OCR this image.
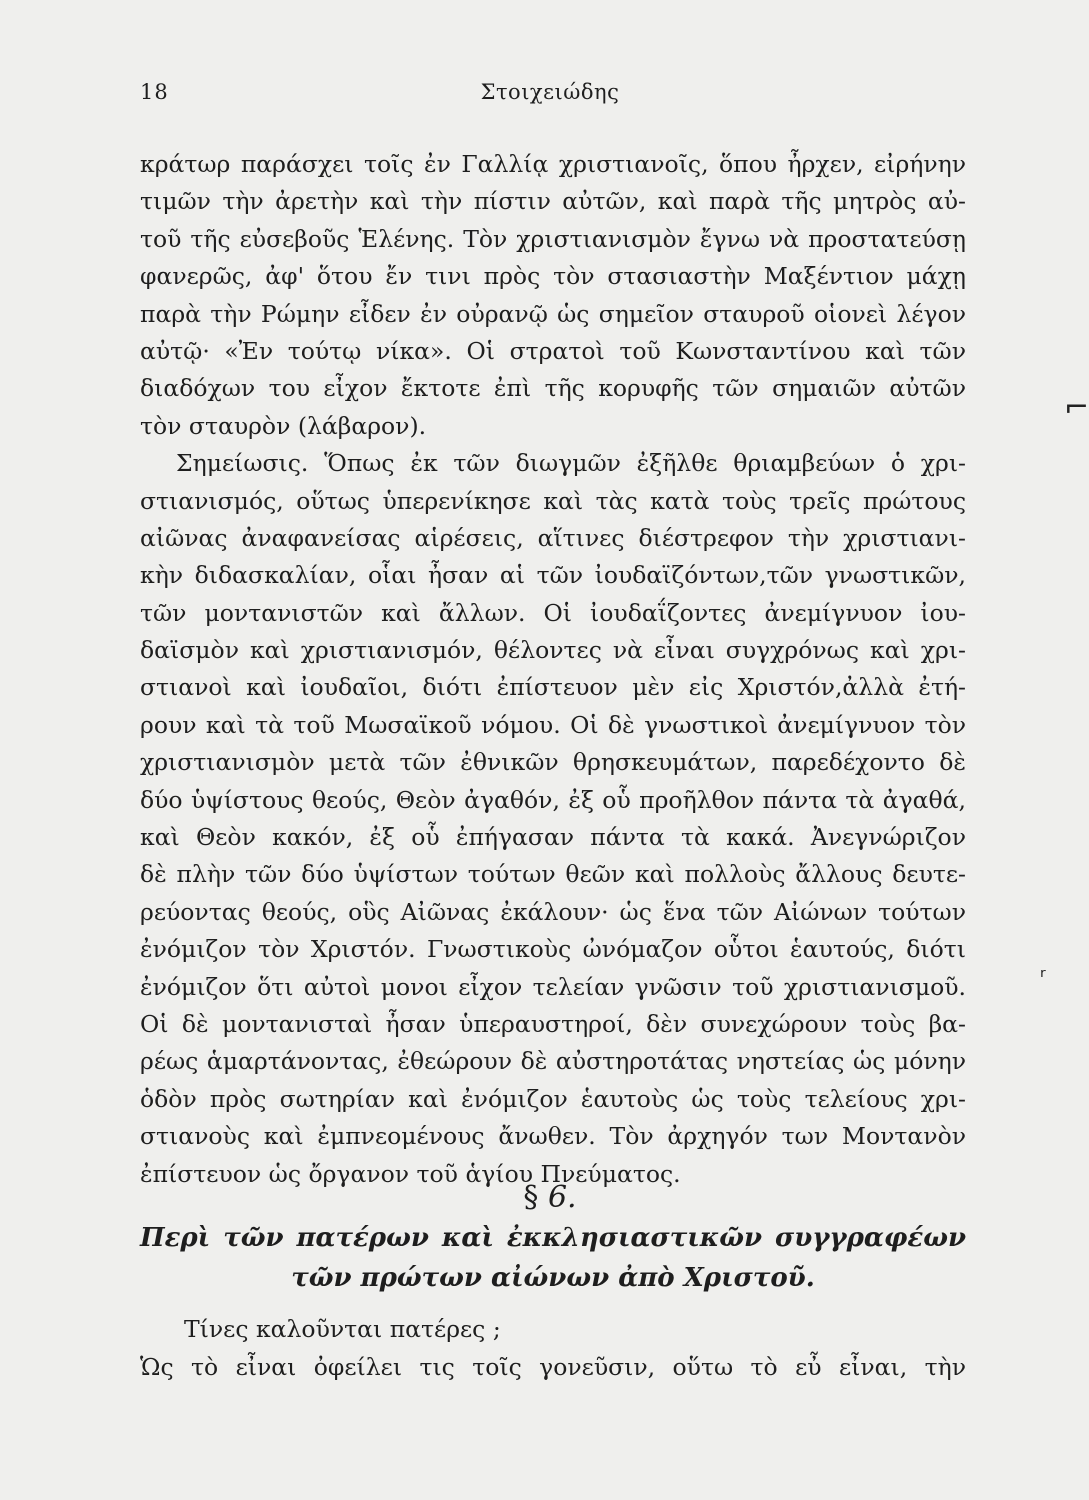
18	Στοιχειώδης
κράτωρ παράσχει τοῖς ἐν Γαλλίᾳ χριστιανοῖς, ὅπου ἦρχεν, εἰρήνην
τιμῶν τὴν ἀρετὴν καὶ τὴν πίστιν αὐτῶν, καὶ παρὰ τῆς μητρὸς αὐ-
τοῦ τῆς εὐσεβοῦς Ἑλένης. Τὸν χριστιανισμὸν ἔγνω νὰ προστατεύσῃ
φανερῶς, ἀφ' ὅτου ἔν τινι πρὸς τὸν στασιαστὴν Μαξέντιον μάχῃ
παρὰ τὴν Ρώμην εἶδεν ἐν οὐρανῷ ὡς σημεῖον σταυροῦ οἱονεὶ λέγον
αὐτῷ· «Ἐν τούτῳ νίκα». Οἱ στρατοὶ τοῦ Κωνσταντίνου καὶ τῶν
διαδόχων του εἶχον ἔκτοτε ἐπὶ τῆς κορυφῆς τῶν σημαιῶν αὐτῶν
τὸν σταυρὸν (λάβαρον).
Σημείωσις. Ὅπως ἐκ τῶν διωγμῶν ἐξῆλθε θριαμβεύων ὁ χρι-
στιανισμός, οὕτως ὑπερενίκησε καὶ τὰς κατὰ τοὺς τρεῖς πρώτους
αἰῶνας ἀναφανείσας αἱρέσεις, αἵτινες διέστρεφον τὴν χριστιανι-
κὴν διδασκαλίαν, οἷαι ἦσαν αἱ τῶν ἰουδαϊζόντων,τῶν γνωστικῶν,
τῶν μοντανιστῶν καὶ ἄλλων. Οἱ ἰουδαΐζοντες ἀνεμίγνυον ἰου-
δαϊσμὸν καὶ χριστιανισμόν, θέλοντες νὰ εἶναι συγχρόνως καὶ χρι-
στιανοὶ καὶ ἰουδαῖοι, διότι ἐπίστευον μὲν εἰς Χριστόν,ἀλλὰ ἐτή-
ρουν καὶ τὰ τοῦ Μωσαϊκοῦ νόμου. Οἱ δὲ γνωστικοὶ ἀνεμίγνυον τὸν
χριστιανισμὸν μετὰ τῶν ἐθνικῶν θρησκευμάτων, παρεδέχοντο δὲ
δύο ὑψίστους θεούς, Θεὸν ἀγαθόν, ἐξ οὗ προῆλθον πάντα τὰ ἀγαθά,
καὶ Θεὸν κακόν, ἐξ οὗ ἐπήγασαν πάντα τὰ κακά. Ἀνεγνώριζον
δὲ πλὴν τῶν δύο ὑψίστων τούτων θεῶν καὶ πολλοὺς ἄλλους δευτε-
ρεύοντας θεούς, οὓς Αἰῶνας ἐκάλουν· ὡς ἕνα τῶν Αἰώνων τούτων
ἐνόμιζον τὸν Χριστόν. Γνωστικοὺς ὠνόμαζον οὗτοι ἑαυτούς, διότι
ἐνόμιζον ὅτι αὐτοὶ μονοι εἶχον τελείαν γνῶσιν τοῦ χριστιανισμοῦ.
Οἱ δὲ μοντανισταὶ ἦσαν ὑπεραυστηροί, δὲν συνεχώρουν τοὺς βα-
ρέως ἁμαρτάνοντας, ἐθεώρουν δὲ αὐστηροτάτας νηστείας ὡς μόνην
ὁδὸν πρὸς σωτηρίαν καὶ ἐνόμιζον ἑαυτοὺς ὡς τοὺς τελείους χρι-
στιανοὺς καὶ ἐμπνεομένους ἄνωθεν. Τὸν ἀρχηγόν των Μοντανὸν
ἐπίστευον ὡς ὄργανον τοῦ ἁγίου Πνεύματος.
§ 6.
Περὶ τῶν πατέρων καὶ ἐκκλησιαστικῶν συγγραφέων
τῶν πρώτων αἰώνων ἀπὸ Χριστοῦ.
Τίνες καλοῦνται πατέρες ;
Ὡς τὸ εἶναι ὀφείλει τις τοῖς γονεῦσιν, οὕτω τὸ εὖ εἶναι, τὴν
⌐
ᵣ
